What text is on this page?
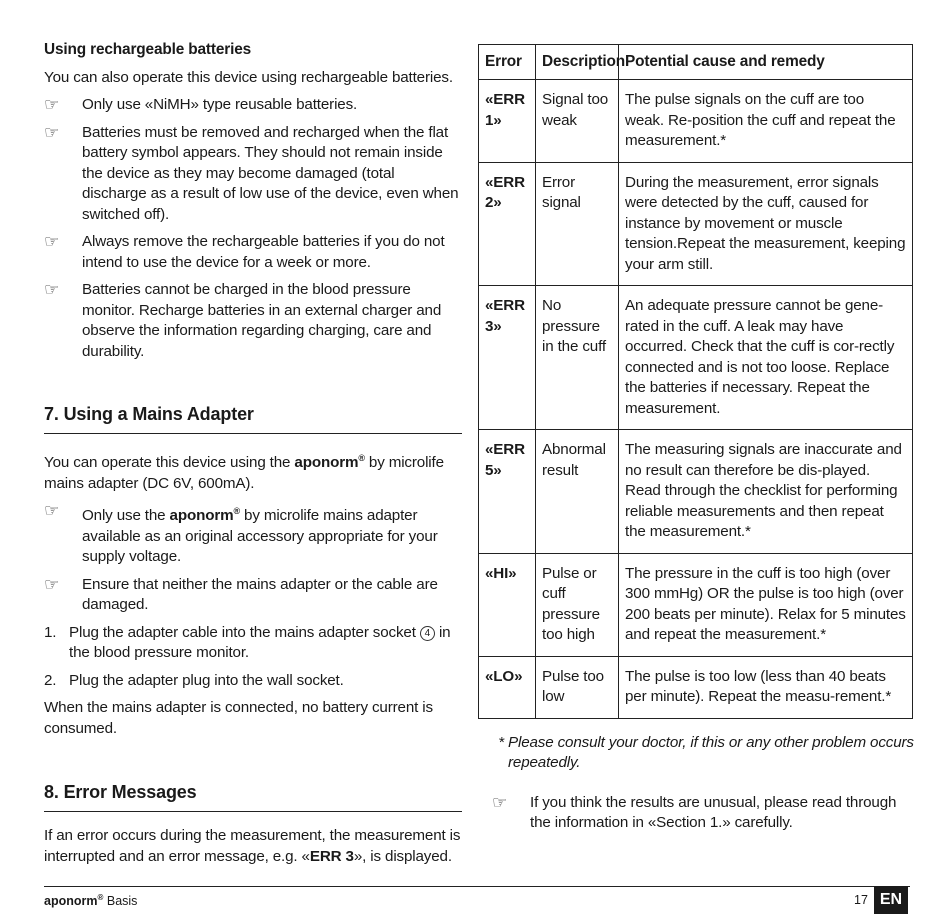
Using rechargeable batteries

You can also operate this device using rechargeable batteries.

☞	Only use «NiMH» type reusable batteries.
☞	Batteries must be removed and recharged when the flat battery symbol appears. They should not remain inside the device as they may become damaged (total discharge as a result of low use of the device, even when switched off).
☞	Always remove the rechargeable batteries if you do not intend to use the device for a week or more.
☞	Batteries cannot be charged in the blood pressure monitor. Recharge batteries in an external charger and observe the information regarding charging, care and durability.
7. Using a Mains Adapter

You can operate this device using the aponorm® by microlife mains adapter (DC 6V, 600mA).

☞	Only use the aponorm® by microlife mains adapter available as an original accessory appropriate for your supply voltage.
☞	Ensure that neither the mains adapter or the cable are damaged.
1. Plug the adapter cable into the mains adapter socket 4 in the blood pressure monitor.
2. Plug the adapter plug into the wall socket.

When the mains adapter is connected, no battery current is consumed.

8. Error Messages

If an error occurs during the measurement, the measurement is interrupted and an error message, e.g. «ERR 3», is displayed.

Error	Description	Potential cause and remedy
«ERR 1»	Signal too weak	The pulse signals on the cuff are too weak. Re-position the cuff and repeat the measurement.*
«ERR 2»	Error signal	During the measurement, error signals were detected by the cuff, caused for instance by movement or muscle tension.Repeat the measurement, keeping your arm still.
«ERR 3»	No pressure in the cuff	An adequate pressure cannot be gene-rated in the cuff. A leak may have occurred. Check that the cuff is cor-rectly connected and is not too loose. Replace the batteries if necessary. Repeat the measurement.
«ERR 5»	Abnormal result	The measuring signals are inaccurate and no result can therefore be dis-played. Read through the checklist for performing reliable measurements and then repeat the measurement.*
«HI»	Pulse or cuff pressure too high	The pressure in the cuff is too high (over 300 mmHg) OR the pulse is too high (over 200 beats per minute). Relax for 5 minutes and repeat the measurement.*
«LO»	Pulse too low	The pulse is too low (less than 40 beats per minute). Repeat the measu-rement.*
* Please consult your doctor, if this or any other problem occurs repeatedly.
☞	If you think the results are unusual, please read through the information in «Section 1.» carefully.
aponorm® Basis	17 EN
